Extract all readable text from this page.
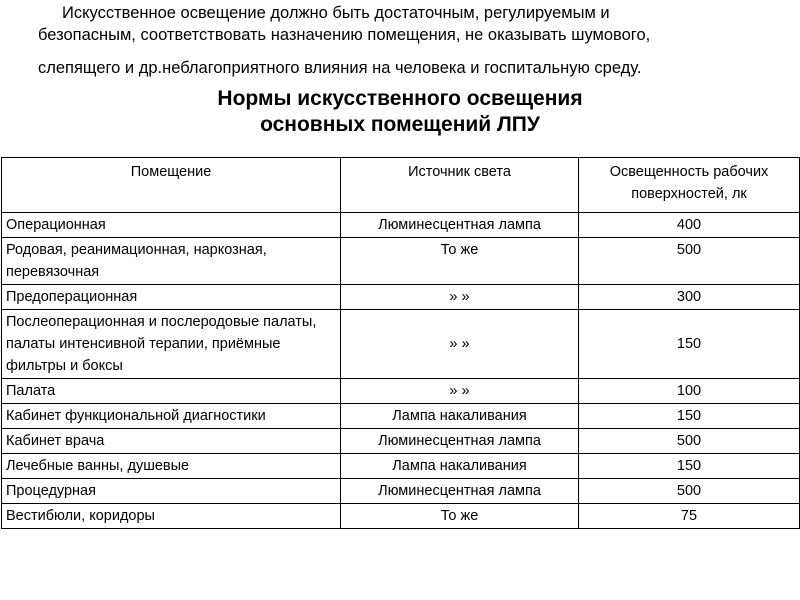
Искусственное освещение должно быть достаточным, регулируемым и
безопасным, соответствовать назначению помещения, не оказывать шумового,
слепящего и др.неблагоприятного влияния на человека и госпитальную среду.
Нормы искусственного освещения
основных помещений ЛПУ
Помещение	Источник света	Освещенность рабочих поверхностей, лк
Операционная	Люминесцентная лампа	400
Родовая, реанимационная, наркозная, перевязочная	То же	500
Предоперационная	» »	300
Послеоперационная и послеродовые палаты, палаты интенсивной терапии, приёмные фильтры и боксы	» »	150
Палата	» »	100
Кабинет функциональной диагностики	Лампа накаливания	150
Кабинет врача	Люминесцентная лампа	500
Лечебные ванны, душевые	Лампа накаливания	150
Процедурная	Люминесцентная лампа	500
Вестибюли, коридоры	То же	75
